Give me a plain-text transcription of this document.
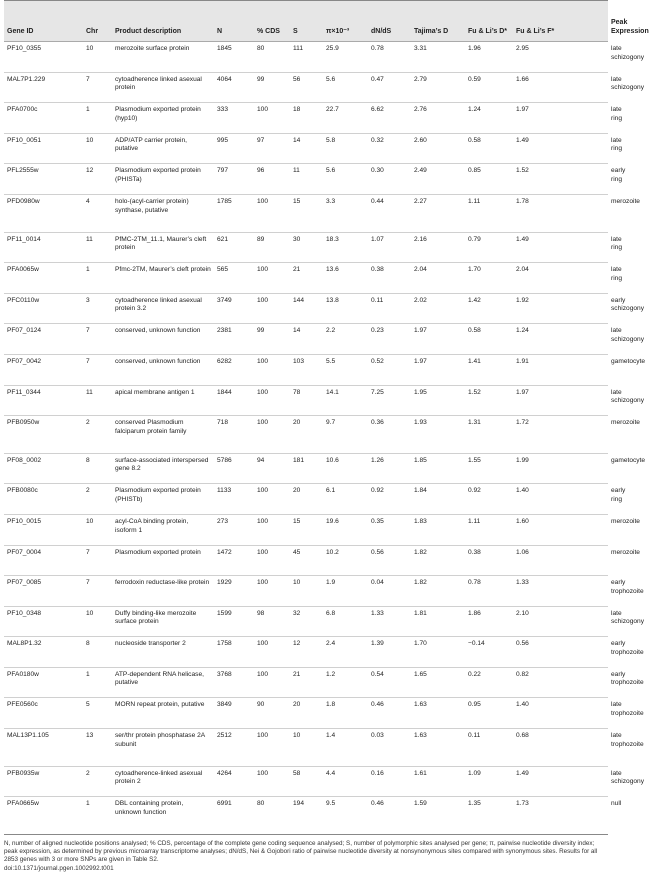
Gene ID	Chr	Product description	N	% CDS	S	π×10⁻³	dN/dS	Tajima’s D	Fu & Li’s D*	Fu & Li’s F*	Peak Expression
PF10_0355	10	merozoite surface protein	1845	80	111	25.9	0.78	3.31	1.96	2.95	late schizogony
MAL7P1.229	7	cytoadherence linked asexual protein	4064	99	56	5.6	0.47	2.79	0.59	1.66	late schizogony
PFA0700c	1	Plasmodium exported protein (hyp10)	333	100	18	22.7	6.62	2.76	1.24	1.97	late ring
PF10_0051	10	ADP/ATP carrier protein, putative	995	97	14	5.8	0.32	2.60	0.58	1.49	late ring
PFL2555w	12	Plasmodium exported protein (PHISTa)	797	96	11	5.6	0.30	2.49	0.85	1.52	early ring
PFD0980w	4	holo-(acyl-carrier protein) synthase, putative	1785	100	15	3.3	0.44	2.27	1.11	1.78	merozoite
PF11_0014	11	PfMC-2TM_11.1, Maurer’s cleft protein	621	89	30	18.3	1.07	2.16	0.79	1.49	late ring
PFA0065w	1	Pfmc-2TM, Maurer’s cleft protein	565	100	21	13.6	0.38	2.04	1.70	2.04	late ring
PFC0110w	3	cytoadherence linked asexual protein 3.2	3749	100	144	13.8	0.11	2.02	1.42	1.92	early schizogony
PF07_0124	7	conserved, unknown function	2381	99	14	2.2	0.23	1.97	0.58	1.24	late schizogony
PF07_0042	7	conserved, unknown function	6282	100	103	5.5	0.52	1.97	1.41	1.91	gametocyte
PF11_0344	11	apical membrane antigen 1	1844	100	78	14.1	7.25	1.95	1.52	1.97	late schizogony
PFB0950w	2	conserved Plasmodium falciparum protein family	718	100	20	9.7	0.36	1.93	1.31	1.72	merozoite
PF08_0002	8	surface-associated interspersed gene 8.2	5786	94	181	10.6	1.26	1.85	1.55	1.99	gametocyte
PFB0080c	2	Plasmodium exported protein (PHISTb)	1133	100	20	6.1	0.92	1.84	0.92	1.40	early ring
PF10_0015	10	acyl-CoA binding protein, isoform 1	273	100	15	19.6	0.35	1.83	1.11	1.60	merozoite
PF07_0004	7	Plasmodium exported protein	1472	100	45	10.2	0.56	1.82	0.38	1.06	merozoite
PF07_0085	7	ferrodoxin reductase-like protein	1929	100	10	1.9	0.04	1.82	0.78	1.33	early trophozoite
PF10_0348	10	Duffy binding-like merozoite surface protein	1599	98	32	6.8	1.33	1.81	1.86	2.10	late schizogony
MAL8P1.32	8	nucleoside transporter 2	1758	100	12	2.4	1.39	1.70	−0.14	0.56	early trophozoite
PFA0180w	1	ATP-dependent RNA helicase, putative	3768	100	21	1.2	0.54	1.65	0.22	0.82	early trophozoite
PFE0560c	5	MORN repeat protein, putative	3849	90	20	1.8	0.46	1.63	0.95	1.40	late trophozoite
MAL13P1.105	13	ser/thr protein phosphatase 2A subunit	2512	100	10	1.4	0.03	1.63	0.11	0.68	late trophozoite
PFB0935w	2	cytoadherence-linked asexual protein 2	4264	100	58	4.4	0.16	1.61	1.09	1.49	late schizogony
PFA0665w	1	DBL containing protein, unknown function	6991	80	194	9.5	0.46	1.59	1.35	1.73	null
N, number of aligned nucleotide positions analysed; % CDS, percentage of the complete gene coding sequence analysed; S, number of polymorphic sites analysed per gene; π, pairwise nucleotide diversity index; peak expression, as determined by previous microarray transcriptome analyses; dN/dS, Nei & Gojobori ratio of pairwise nucleotide diversity at nonsynonymous sites compared with synonymous sites. Results for all 2853 genes with 3 or more SNPs are given in Table S2.
doi:10.1371/journal.pgen.1002992.t001
